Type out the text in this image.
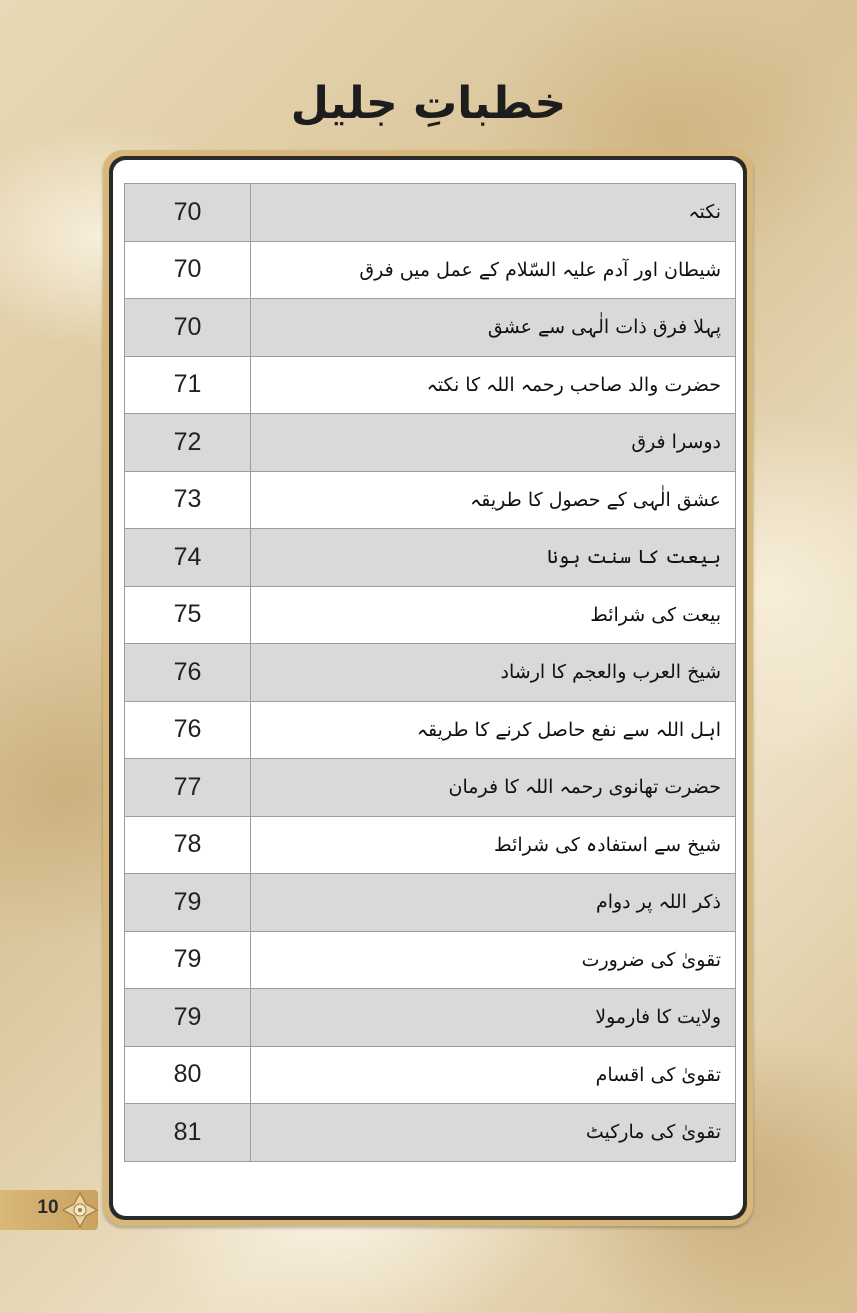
خطباتِ جلیل
70	نکتہ
70	شیطان اور آدم علیہ السّلام کے عمل میں فرق
70	پہلا فرق ذات الٰہی سے عشق
71	حضرت والد صاحب رحمہ اللہ کا نکتہ
72	دوسرا فرق
73	عشق الٰہی کے حصول کا طریقہ
74	بیعت کا سنت ہونا
75	بیعت کی شرائط
76	شیخ العرب والعجم کا ارشاد
76	اہل اللہ سے نفع حاصل کرنے کا طریقہ
77	حضرت تھانوی رحمہ اللہ کا فرمان
78	شیخ سے استفادہ کی شرائط
79	ذکر اللہ پر دوام
79	تقویٰ کی ضرورت
79	ولایت کا فارمولا
80	تقویٰ کی اقسام
81	تقویٰ کی مارکیٹ
10
